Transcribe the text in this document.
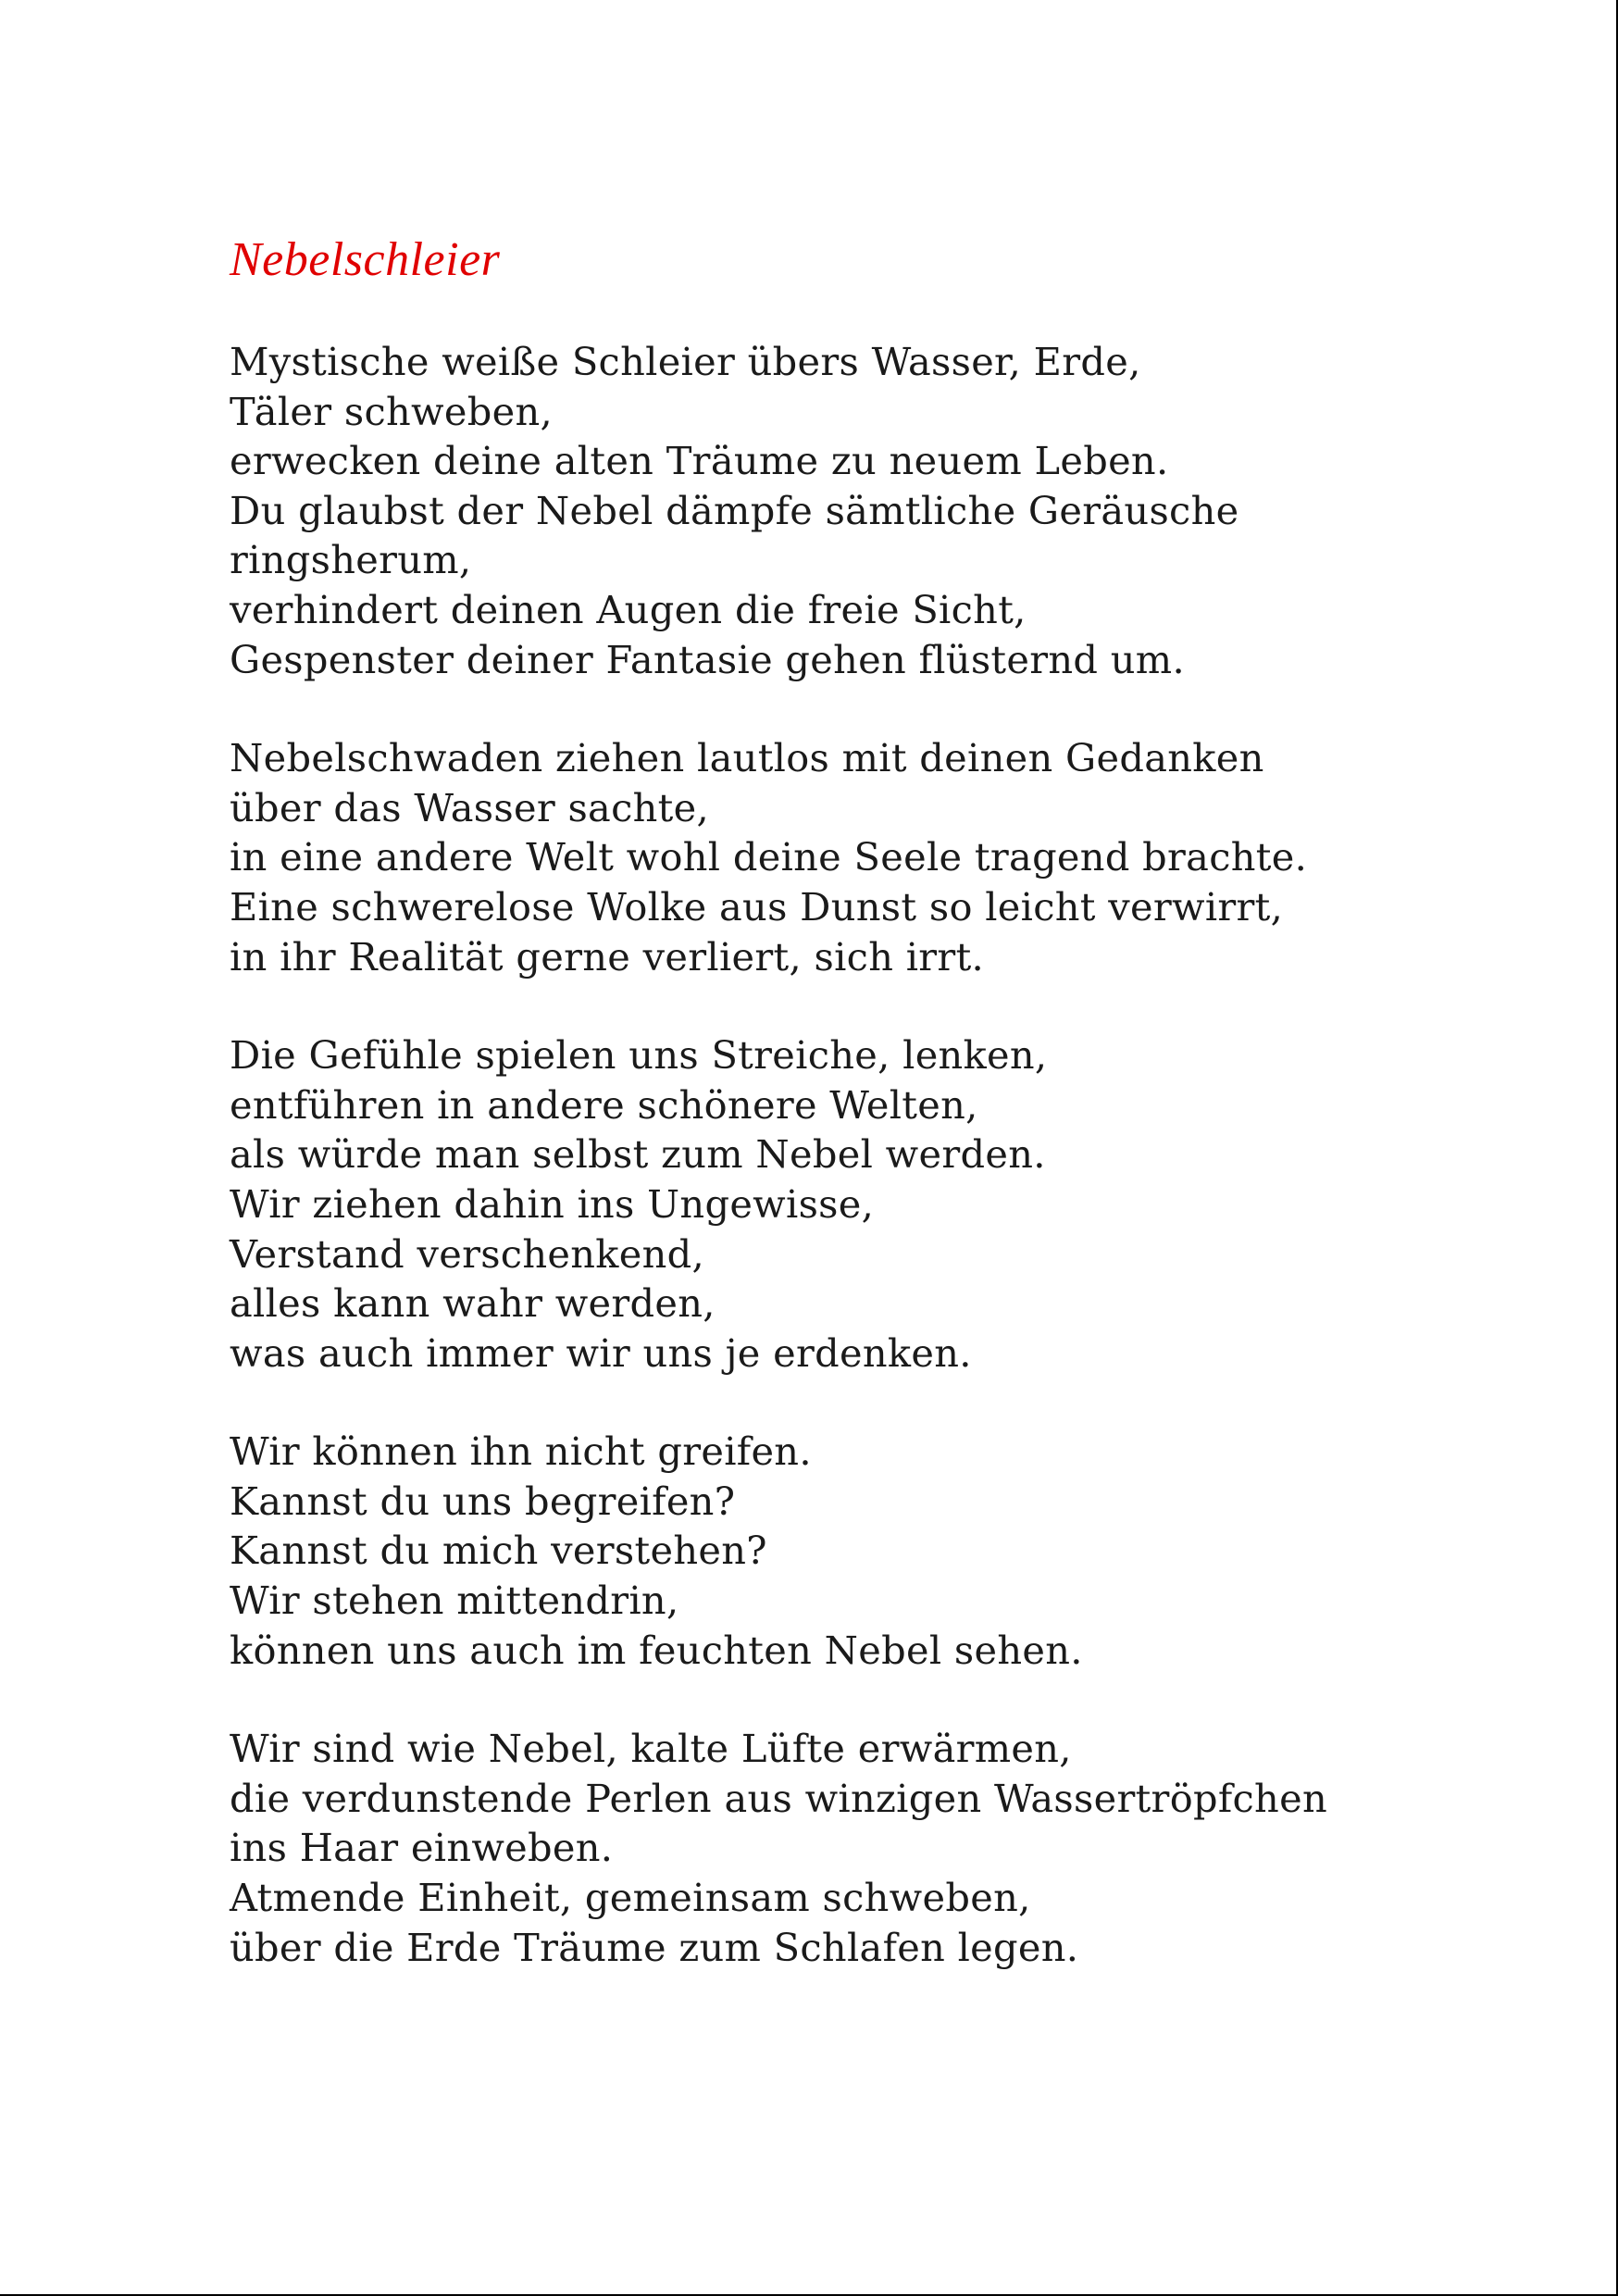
Nebelschleier
Mystische weiße Schleier übers Wasser, Erde,
Täler schweben,
erwecken deine alten Träume zu neuem Leben.
Du glaubst der Nebel dämpfe sämtliche Geräusche
ringsherum,
verhindert deinen Augen die freie Sicht,
Gespenster deiner Fantasie gehen flüsternd um.
Nebelschwaden ziehen lautlos mit deinen Gedanken
über das Wasser sachte,
in eine andere Welt wohl deine Seele tragend brachte.
Eine schwerelose Wolke aus Dunst so leicht verwirrt,
in ihr Realität gerne verliert, sich irrt.
Die Gefühle spielen uns Streiche, lenken,
entführen in andere schönere Welten,
als würde man selbst zum Nebel werden.
Wir ziehen dahin ins Ungewisse,
Verstand verschenkend,
alles kann wahr werden,
was auch immer wir uns je erdenken.
Wir können ihn nicht greifen.
Kannst du uns begreifen?
Kannst du mich verstehen?
Wir stehen mittendrin,
können uns auch im feuchten Nebel sehen.
Wir sind wie Nebel, kalte Lüfte erwärmen,
die verdunstende Perlen aus winzigen Wassertröpfchen
ins Haar einweben.
Atmende Einheit, gemeinsam schweben,
über die Erde Träume zum Schlafen legen.
